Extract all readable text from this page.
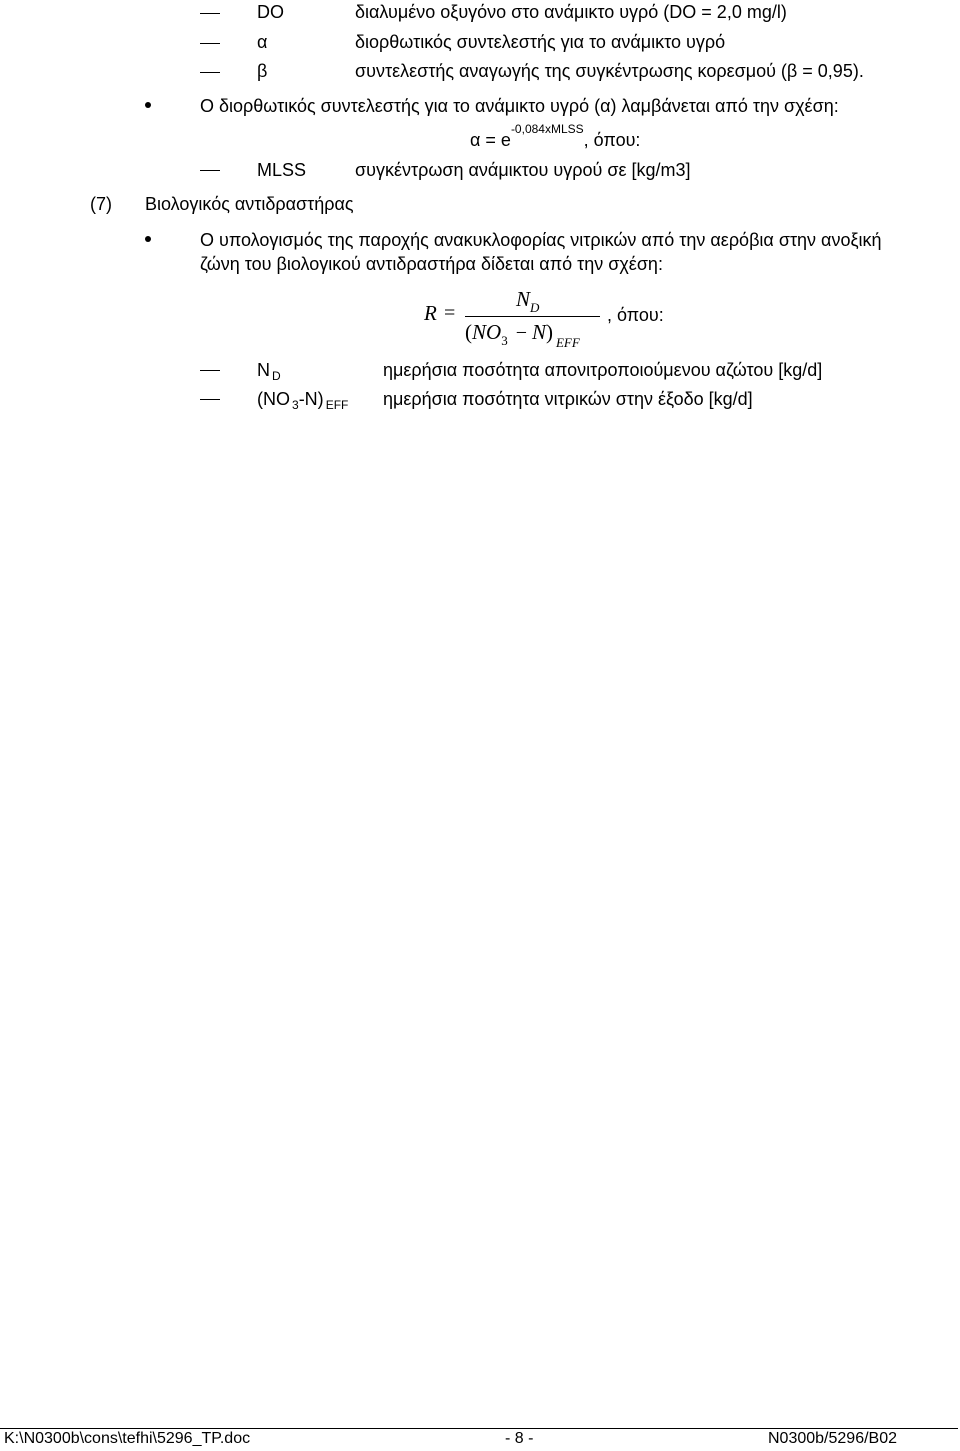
DO	διαλυμένο οξυγόνο στο ανάμικτο υγρό (DO = 2,0 mg/l)
α	διορθωτικός συντελεστής για το ανάμικτο υγρό
β	συντελεστής αναγωγής της συγκέντρωσης κορεσμού (β = 0,95).
Ο διορθωτικός συντελεστής για το ανάμικτο υγρό (α) λαμβάνεται από την σχέση:
$\alpha = e^{-0,084xMLSS}$, όπου:
MLSS	συγκέντρωση ανάμικτου υγρού σε [kg/m3]
(7) Βιολογικός αντιδραστήρας
Ο υπολογισμός της παροχής ανακυκλοφορίας νιτρικών από την αερόβια στην ανοξική
ζώνη του βιολογικού αντιδραστήρα δίδεται από την σχέση:
R =
$N_D$
$(NO_3 - N)$ $_{EFF}$
, όπου:
N $_D$	ημερήσια ποσότητα απονιτροποιούμενου αζώτου [kg/d]
(NO $_3$-N) $_{EFF}$ ημερήσια ποσότητα νιτρικών στην έξοδο [kg/d]
K:\N0300b\cons\tefhi\5296_TP.doc	- 8 -	N0300b/5296/B02
